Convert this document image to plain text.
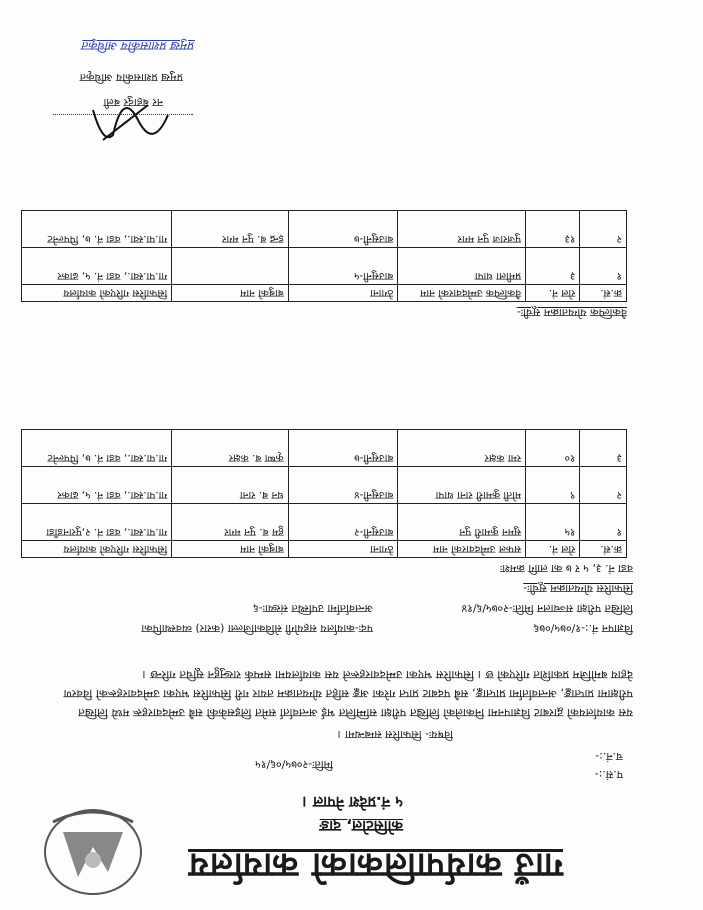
गाउँ कार्यपालिकाको कार्यालय
कोसिटोल, दाङ
५ नं.प्रदेश नेपाल ।
प.सं.:-
च.नं.:-
मितिः-२०७५/०६/१५
विषयः- सिफारिस सम्बन्धमा ।
यस कार्यालयको द्वारबाट विज्ञापनमा निकालेको लिखित परीक्षा सम्मिलित भई अन्तर्वार्ता समेत लिइसकेकी सबै उम्मेदवारहरू मध्ये लिखित परीक्षामा प्राप्ताङ्क, अन्तर्वार्तामा प्राप्ताङ्क, सबै पदबाट प्राप्त गरेका अङ्क सहित योग्यताक्रम तयार गरी सिफारिस भएका उम्मेदवारहरूको विवरण देहाय बमोजिम प्रकाशित गरिएको छ । सिफारिस भएका उम्मेदवारहरूले यस कार्यालयमा सम्पर्क राख्नुहुन सूचित गरिन्छ ।
विज्ञापन नं.:-१/०७५/०७६
पदः-कार्यालय सहयोगी सेविकाजिल्ला (करार) व्यवस्थापिका
लिखित परीक्षा सञ्चालन मितिः-२०७५/६/१४
अन्तर्वार्तामा उपस्थित संख्याः-६
सिफारिस योग्यताक्रम सूचीः-
वडा नं. ३, ५ र ७ का लागि क्रमशः
क्र.सं.	रोल नं.	सफल उम्मेदवारको नाम	ठेगाना	बाबुको नाम	सिफारिस गरिएको कार्यालय
१	१५	सुमन कुमारी पुन	बाउसुनी-२	हुम ब. पुन मगर	गा.पा.स्वा., वडा नं. २,पुरानडाँडा
२	९	मोती कुमारी राना थापा	बाउसुनी-४	धन ब. राना	गा.पा.स्वा., वडा नं. ५, ढाकर
३	१०	रमा कक्षर	बाउसुनी-७	कृष्ण ब. कक्षर	गा.पा.स्वा., वडा नं. ७, पिपल्नेट
वैकल्पिक योग्यताक्रम सूचीः-
क्र.सं.	रोल नं.	वैकल्पिक उम्मेदवारको नाम	ठेगाना	बाबुको नाम	सिफारिस गरिएको कार्यालय
१	३	प्रमीला थापा	बाउसुनी-५		गा.पा.स्वा., वडा नं. ५, ढाकर
२	१३	पुजराज पुन मगर	बाउसुनी-७	इन्द्र ब. पुन मगर	गा.पा.स्वा., वडा नं. ७, पिपल्नेट
नर बहादुर बली
प्रमुख प्रशासकीय अधिकृत
प्रमुख प्रशासकीय अधिकृत
